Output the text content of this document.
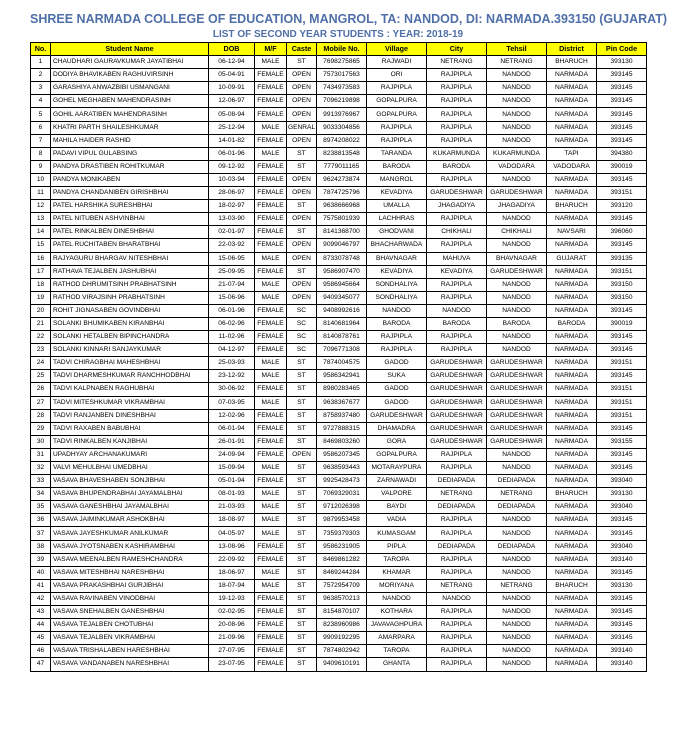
SHREE NARMADA COLLEGE OF EDUCATION, MANGROL, TA: NANDOD, DI: NARMADA.393150 (GUJARAT)
LIST OF SECOND YEAR STUDENTS : YEAR: 2018-19
No.	Student Name	DOB	M/F	Caste	Mobile No.	Village	City	Tehsil	District	Pin Code
1	CHAUDHARI GAURAVKUMAR JAYATIBHAI	06-12-94	MALE	ST	7698275865	RAJWADI	NETRANG	NETRANG	BHARUCH	393130
2	DODIYA BHAVIKABEN RAGHUVIRSINH	05-04-91	FEMALE	OPEN	7573017563	ORI	RAJPIPLA	NANDOD	NARMADA	393145
3	GARASHIYA ANWAZBIBI USMANGANI	10-09-91	FEMALE	OPEN	7434973583	RAJPIPLA	RAJPIPLA	NANDOD	NARMADA	393145
4	GOHEL MEGHABEN MAHENDRASINH	12-06-97	FEMALE	OPEN	7096219898	GOPALPURA	RAJPIPLA	NANDOD	NARMADA	393145
5	GOHIL AARATIBEN MAHENDRASINH	05-08-94	FEMALE	OPEN	9913976967	GOPALPURA	RAJPIPLA	NANDOD	NARMADA	393145
6	KHATRI PARTH SHAILESHKUMAR	25-12-94	MALE	GENRAL	9033304856	RAJPIPLA	RAJPIPLA	NANDOD	NARMADA	393145
7	MAHILA HAIDER RASHID	14-01-82	FEMALE	OPEN	8974208022	RAJPIPLA	RAJPIPLA	NANDOD	NARMADA	393145
8	PADAVI VIPUL GULABSING	06-01-96	MALE	ST	8238813548	TARANDA	KUKARMUNDA	KUKARMUNDA	TAPI	394380
9	PANDYA DRASTIBEN ROHITKUMAR	09-12-92	FEMALE	ST	7779011165	BARODA	BARODA	VADODARA	VADODARA	390019
10	PANDYA MONIKABEN	10-03-94	FEMALE	OPEN	9624273874	MANGROL	RAJPIPLA	NANDOD	NARMADA	393145
11	PANDYA CHANDANIBEN GIRISHBHAI	28-06-97	FEMALE	OPEN	7874725796	KEVADIYA	GARUDESHWAR	GARUDESHWAR	NARMADA	393151
12	PATEL HARSHIKA SURESHBHAI	18-02-97	FEMALE	ST	9638666968	UMALLA	JHAGADIYA	JHAGADIYA	BHARUCH	393120
13	PATEL NITUBEN ASHVINBHAI	13-03-90	FEMALE	OPEN	7575801939	LACHHRAS	RAJPIPLA	NANDOD	NARMADA	393145
14	PATEL RINKALBEN DINESHBHAI	02-01-97	FEMALE	ST	8141368700	GHODVANI	CHIKHALI	CHIKHALI	NAVSARI	396060
15	PATEL RUCHITABEN BHARATBHAI	22-03-92	FEMALE	OPEN	9099046797	BHACHARWADA	RAJPIPLA	NANDOD	NARMADA	393145
16	RAJYAGURU BHARGAV NITESHBHAI	15-06-95	MALE	OPEN	8733078748	BHAVNAGAR	MAHUVA	BHAVNAGAR	GUJARAT	393135
17	RATHAVA TEJALBEN JASHUBHAI	25-09-95	FEMALE	ST	9586907470	KEVADIYA	KEVADIYA	GARUDESHWAR	NARMADA	393151
18	RATHOD DHRUMITSINH PRABHATSINH	21-07-94	MALE	OPEN	9586945664	SONDHALIYA	RAJPIPLA	NANDOD	NARMADA	393150
19	RATHOD VIRAJSINH PRABHATSINH	15-06-96	MALE	OPEN	9409345077	SONDHALIYA	RAJPIPLA	NANDOD	NARMADA	393150
20	ROHIT JIGNASABEN GOVINDBHAI	06-01-96	FEMALE	SC	9408992616	NANDOD	NANDOD	NANDOD	NARMADA	393145
21	SOLANKI BHUMIKABEN KIRANBHAI	06-02-96	FEMALE	SC	8140681964	BARODA	BARODA	BARODA	BARODA	390019
22	SOLANKI HETALBEN BIPINCHANDRA	11-02-96	FEMALE	SC	8140878761	RAJPIPLA	RAJPIPLA	NANDOD	NARMADA	393145
23	SOLANKI KINNARI SANJAYKUMAR	04-12-97	FEMALE	SC	7096771308	RAJPIPLA	RAJPIPLA	NANDOD	NARMADA	393145
24	TADVI CHIRAGBHAI MAHESHBHAI	25-03-93	MALE	ST	7874004575	GADOD	GARUDESHWAR	GARUDESHWAR	NARMADA	393151
25	TADVI DHARMESHKUMAR RANCHHODBHAI	23-12-92	MALE	ST	9586342941	SUKA	GARUDESHWAR	GARUDESHWAR	NARMADA	393145
26	TADVI KALPNABEN RAGHUBHAI	30-06-92	FEMALE	ST	8980283465	GADOD	GARUDESHWAR	GARUDESHWAR	NARMADA	393151
27	TADVI MITESHKUMAR VIKRAMBHAI	07-03-95	MALE	ST	9638367677	GADOD	GARUDESHWAR	GARUDESHWAR	NARMADA	393151
28	TADVI RANJANBEN DINESHBHAI	12-02-96	FEMALE	ST	8758937480	GARUDESHWAR	GARUDESHWAR	GARUDESHWAR	NARMADA	393151
29	TADVI RAXABEN BABUBHAI	06-01-94	FEMALE	ST	9727888315	DHAMADRA	GARUDESHWAR	GARUDESHWAR	NARMADA	393145
30	TADVI RINKALBEN KANJIBHAI	26-01-91	FEMALE	ST	8469803260	GORA	GARUDESHWAR	GARUDESHWAR	NARMADA	393155
31	UPADHYAY ARCHANAKUMARI	24-09-94	FEMALE	OPEN	9586207345	GOPALPURA	RAJPIPLA	NANDOD	NARMADA	393145
32	VALVI MEHULBHAI UMEDBHAI	15-09-94	MALE	ST	9638593443	MOTARAYPURA	RAJPIPLA	NANDOD	NARMADA	393145
33	VASAVA BHAVESHABEN SONJIBHAI	05-01-94	FEMALE	ST	9925428473	ZARNAWADI	DEDIAPADA	DEDIAPADA	NARMADA	393040
34	VASAVA BHUPENDRABHAI JAYAMALBHAI	08-01-93	MALE	ST	7069329031	VALPORE	NETRANG	NETRANG	BHARUCH	393130
35	VASAVA GANESHBHAI JAYAMALBHAI	21-03-93	MALE	ST	9712026398	BAYDI	DEDIAPADA	DEDIAPADA	NARMADA	393040
36	VASAVA JAIMINKUMAR ASHOKBHAI	18-08-97	MALE	ST	9879953458	VADIA	RAJPIPLA	NANDOD	NARMADA	393145
37	VASAVA JAYESHKUMAR ANILKUMAR	04-05-97	MALE	ST	7359379303	KUMASGAM	RAJPIPLA	NANDOD	NARMADA	393145
38	VASAVA JYOTSNABEN KASHIRAMBHAI	13-08-96	FEMALE	ST	9586231905	PIPLA	DEDIAPADA	DEDIAPADA	NARMADA	393040
39	VASAVA MEENALBEN RAMESHCHANDRA	22-09-92	FEMALE	ST	8469861282	TAROPA	RAJPIPLA	NANDOD	NARMADA	393140
40	VASAVA MITESHBHAI NARESHBHAI	18-06-97	MALE	ST	8469244284	KHAMAR	RAJPIPLA	NANDOD	NARMADA	393145
41	VASAVA PRAKASHBHAI GURJIBHAI	18-07-94	MALE	ST	7572954709	MORIYANA	NETRANG	NETRANG	BHARUCH	393130
42	VASAVA RAVINABEN VINODBHAI	19-12-93	FEMALE	ST	9638570213	NANDOD	NANDOD	NANDOD	NARMADA	393145
43	VASAVA SNEHALBEN GANESHBHAI	02-02-95	FEMALE	ST	8154870107	KOTHARA	RAJPIPLA	NANDOD	NARMADA	393145
44	VASAVA TEJALBEN CHOTUBHAI	20-08-96	FEMALE	ST	8238960986	JAVAVAGHPURA	RAJPIPLA	NANDOD	NARMADA	393145
45	VASAVA TEJALBEN VIKRAMBHAI	21-09-96	FEMALE	ST	9909192295	AMARPARA	RAJPIPLA	NANDOD	NARMADA	393145
46	VASAVA TRISHALABEN HARESHBHAI	27-07-95	FEMALE	ST	7874802942	TAROPA	RAJPIPLA	NANDOD	NARMADA	393140
47	VASAVA VANDANABEN NARESHBHAI	23-07-95	FEMALE	ST	9409610191	GHANTA	RAJPIPLA	NANDOD	NARMADA	393140
